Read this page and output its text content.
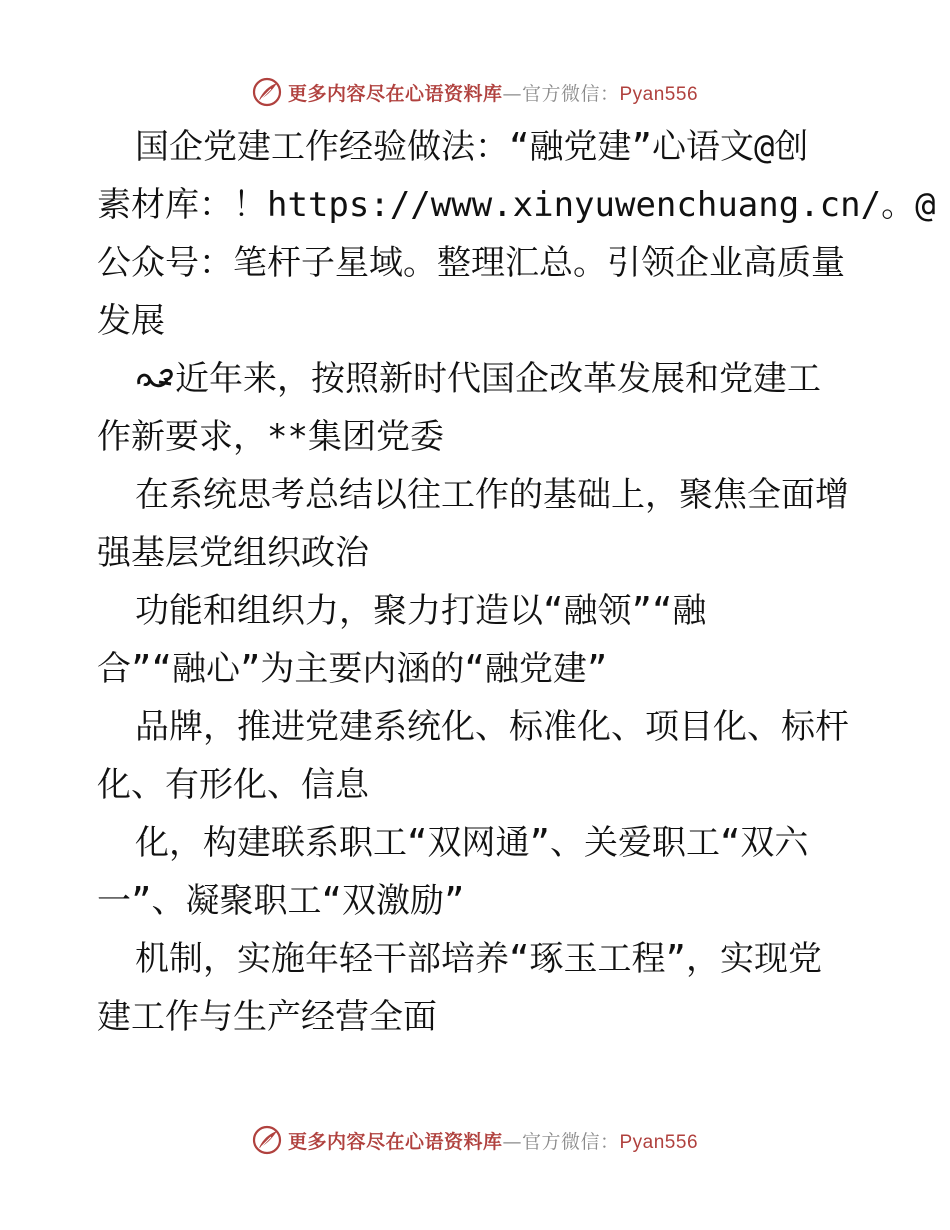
更多内容尽在心语资料库—官方微信：Pyan556
国企党建工作经验做法：“融党建”心语文@创
素材库：！https://www.xinyuwenchuang.cn/。@
公众号：笔杆子星域。整理汇总。引领企业高质量
发展
近年来，按照新时代国企改革发展和党建工
作新要求，**集团党委
在系统思考总结以往工作的基础上，聚焦全面增
强基层党组织政治
功能和组织力，聚力打造以“融领”“融
合”“融心”为主要内涵的“融党建”
品牌，推进党建系统化、标准化、项目化、标杆
化、有形化、信息
化，构建联系职工“双网通”、关爱职工“双六
一”、凝聚职工“双激励”
机制，实施年轻干部培养“琢玉工程”，实现党
建工作与生产经营全面
更多内容尽在心语资料库—官方微信：Pyan556
